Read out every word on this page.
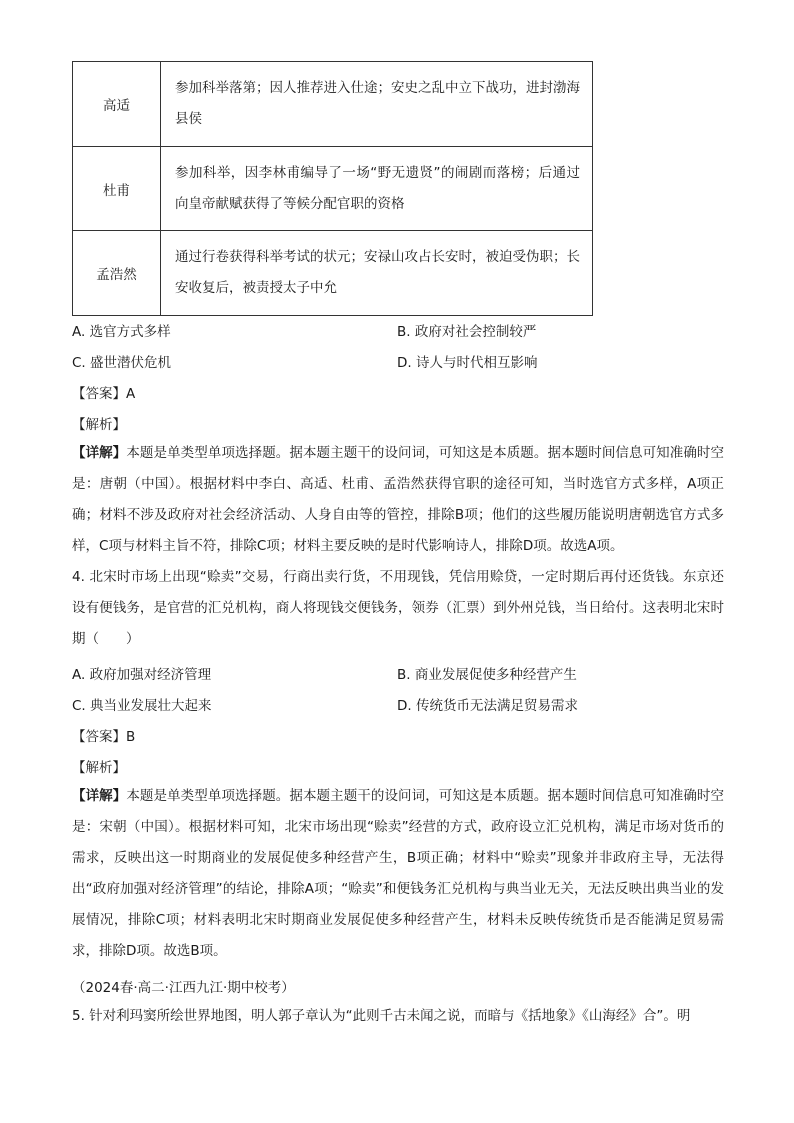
高适	参加科举落第；因人推荐进入仕途；安史之乱中立下战功，进封渤海县侯
杜甫	参加科举，因李林甫编导了一场“野无遗贤”的闹剧而落榜；后通过向皇帝献赋获得了等候分配官职的资格
孟浩然	通过行卷获得科举考试的状元；安禄山攻占长安时，被迫受伪职；长安收复后，被责授太子中允
A. 选官方式多样	B. 政府对社会控制较严
C. 盛世潜伏危机	D. 诗人与时代相互影响
【答案】A
【解析】
【详解】本题是单类型单项选择题。据本题主题干的设问词，可知这是本质题。据本题时间信息可知准确时空是：唐朝（中国）。根据材料中李白、高适、杜甫、孟浩然获得官职的途径可知，当时选官方式多样，A项正确；材料不涉及政府对社会经济活动、人身自由等的管控，排除B项；他们的这些履历能说明唐朝选官方式多样，C项与材料主旨不符，排除C项；材料主要反映的是时代影响诗人，排除D项。故选A项。
4. 北宋时市场上出现“赊卖”交易，行商出卖行货，不用现钱，凭信用赊贷，一定时期后再付还货钱。东京还设有便钱务，是官营的汇兑机构，商人将现钱交便钱务，领券（汇票）到外州兑钱，当日给付。这表明北宋时期（　　）
A. 政府加强对经济管理	B. 商业发展促使多种经营产生
C. 典当业发展壮大起来	D. 传统货币无法满足贸易需求
【答案】B
【解析】
【详解】本题是单类型单项选择题。据本题主题干的设问词，可知这是本质题。据本题时间信息可知准确时空是：宋朝（中国）。根据材料可知，北宋市场出现“赊卖”经营的方式，政府设立汇兑机构，满足市场对货币的需求，反映出这一时期商业的发展促使多种经营产生，B项正确；材料中“赊卖”现象并非政府主导，无法得出“政府加强对经济管理”的结论，排除A项；“赊卖”和便钱务汇兑机构与典当业无关，无法反映出典当业的发展情况，排除C项；材料表明北宋时期商业发展促使多种经营产生，材料未反映传统货币是否能满足贸易需求，排除D项。故选B项。
（2024春·高二·江西九江·期中校考）
5. 针对利玛窦所绘世界地图，明人郭子章认为“此则千古未闻之说，而暗与《括地象》《山海经》合”。明
